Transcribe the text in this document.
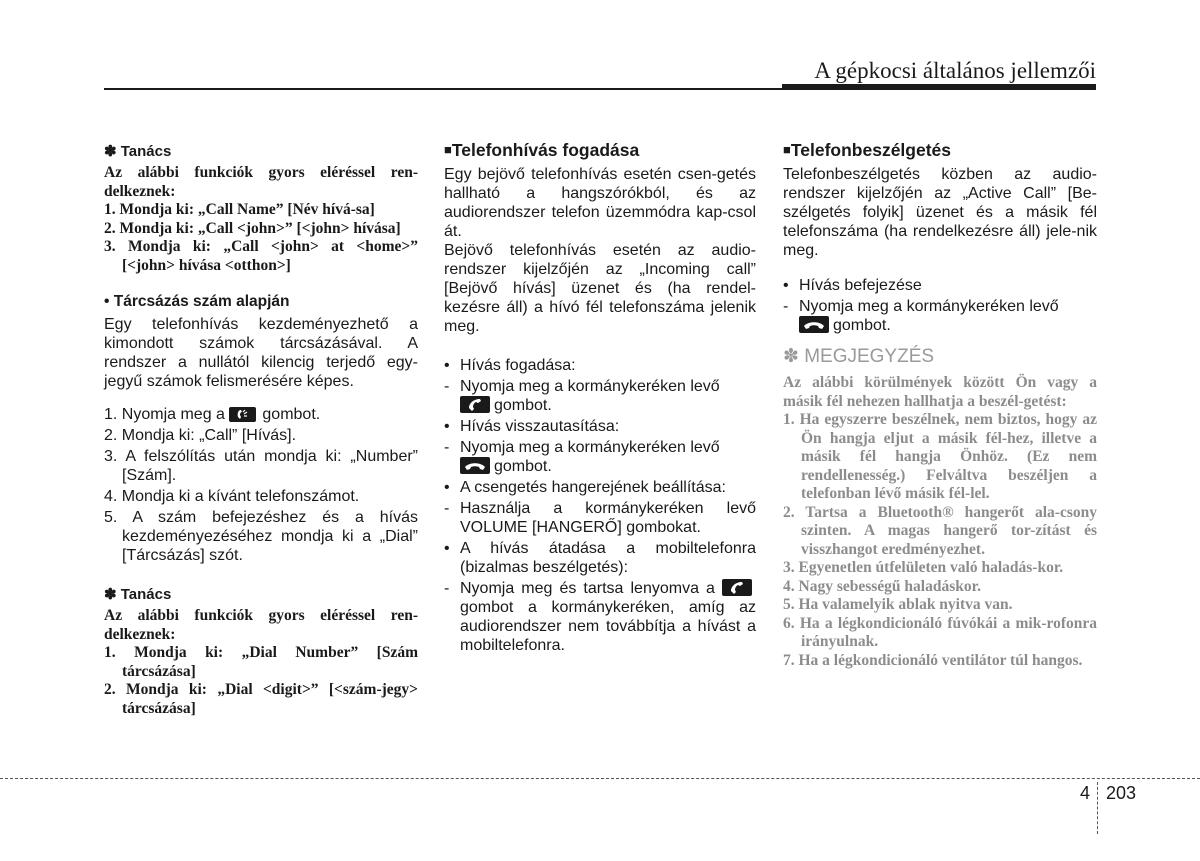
A gépkocsi általános jellemzői
✽ Tanács

Az alábbi funkciók gyors eléréssel ren-delkeznek:

1. Mondja ki: „Call Name” [Név hívá-sa]
2. Mondja ki: „Call <john>” [<john> hívása]
3. Mondja ki: „Call <john> at <home>” [<john> hívása <otthon>]
• Tárcsázás szám alapján

Egy telefonhívás kezdeményezhető a kimondott számok tárcsázásával. A rendszer a nullától kilencig terjedő egy-jegyű számok felismerésére képes.

1. Nyomja meg a gombot.
2. Mondja ki: „Call” [Hívás].
3. A felszólítás után mondja ki: „Number” [Szám].
4. Mondja ki a kívánt telefonszámot.
5. A szám befejezéshez és a hívás kezdeményezéséhez mondja ki a „Dial” [Tárcsázás] szót.
✽ Tanács

Az alábbi funkciók gyors eléréssel ren-delkeznek:

1. Mondja ki: „Dial Number” [Szám tárcsázása]
2. Mondja ki: „Dial <digit>” [<szám-jegy> tárcsázása]
■Telefonhívás fogadása

Egy bejövő telefonhívás esetén csen-getés hallható a hangszórókból, és az audiorendszer telefon üzemmódra kap-csol át.

Bejövő telefonhívás esetén az audio-rendszer kijelzőjén az „Incoming call” [Bejövő hívás] üzenet és (ha rendel-kezésre áll) a hívó fél telefonszáma jelenik meg.

• Hívás fogadása:
- Nyomja meg a kormánykeréken levő

gombot.
• Hívás visszautasítása:
- Nyomja meg a kormánykeréken levő

gombot.
• A csengetés hangerejének beállítása:
- Használja a kormánykeréken levő VOLUME [HANGERŐ] gombokat.
• A hívás átadása a mobiltelefonra (bizalmas beszélgetés):
- Nyomja meg és tartsa lenyomva a
gombot a kormánykeréken, amíg az audiorendszer nem továbbítja a hívást a mobiltelefonra.
■Telefonbeszélgetés

Telefonbeszélgetés közben az audio-rendszer kijelzőjén az „Active Call” [Be-szélgetés folyik] üzenet és a másik fél telefonszáma (ha rendelkezésre áll) jele-nik meg.

• Hívás befejezése
- Nyomja meg a kormánykeréken levő

gombot.
✽ MEGJEGYZÉS

Az alábbi körülmények között Ön vagy a másik fél nehezen hallhatja a beszél-getést:

1. Ha egyszerre beszélnek, nem biztos, hogy az Ön hangja eljut a másik fél-hez, illetve a másik fél hangja Önhöz. (Ez nem rendellenesség.) Felváltva beszéljen a telefonban lévő másik fél-lel.
2. Tartsa a Bluetooth® hangerőt ala-csony szinten. A magas hangerő tor-zítást és visszhangot eredményezhet.
3. Egyenetlen útfelületen való haladás-kor.
4. Nagy sebességű haladáskor.
5. Ha valamelyik ablak nyitva van.
6. Ha a légkondicionáló fúvókái a mik-rofonra irányulnak.
7. Ha a légkondicionáló ventilátor túl hangos.
4 203
